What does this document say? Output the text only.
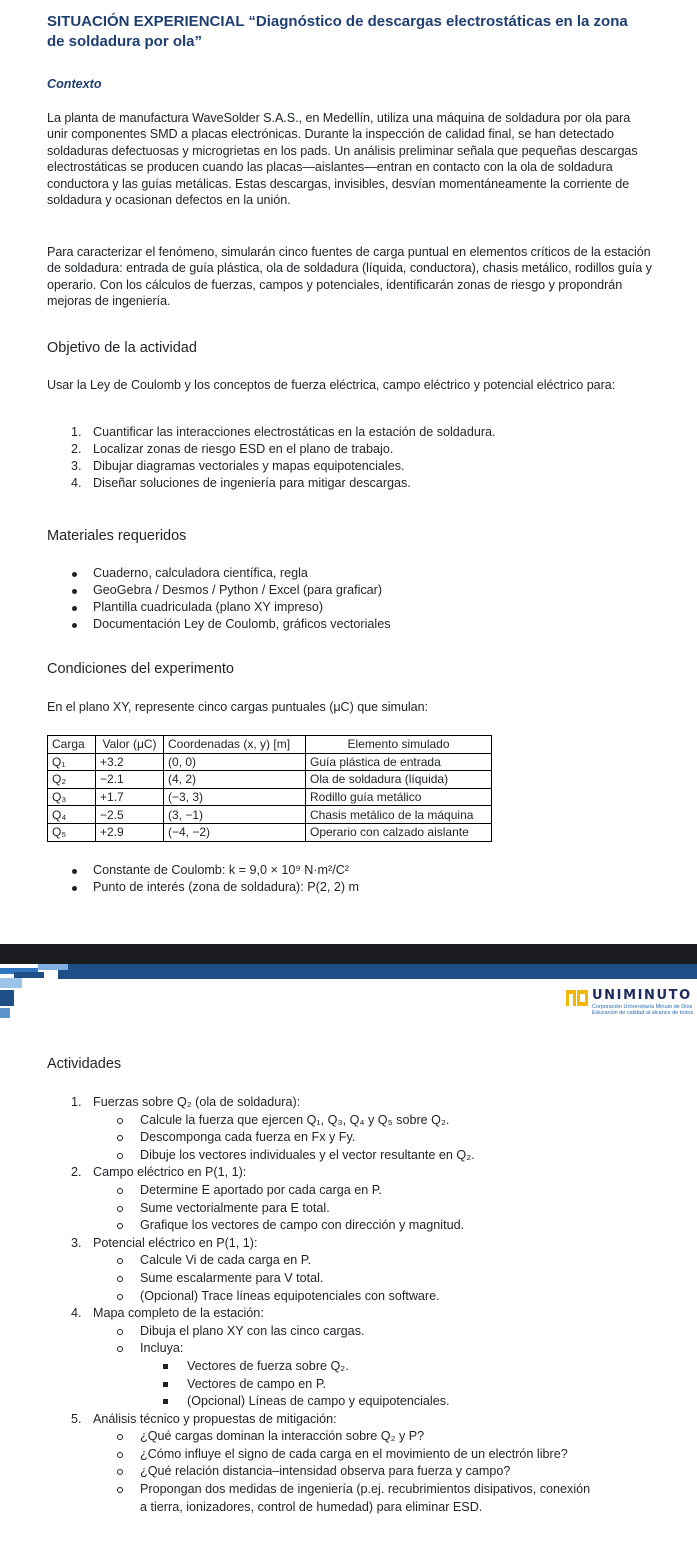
SITUACIÓN EXPERIENCIAL “Diagnóstico de descargas electrostáticas en la zona de soldadura por ola”
Contexto

La planta de manufactura WaveSolder S.A.S., en Medellín, utiliza una máquina de soldadura por ola para unir componentes SMD a placas electrónicas. Durante la inspección de calidad final, se han detectado soldaduras defectuosas y microgrietas en los pads. Un análisis preliminar señala que pequeñas descargas electrostáticas se producen cuando las placas—aislantes—entran en contacto con la ola de soldadura conductora y las guías metálicas. Estas descargas, invisibles, desvían momentáneamente la corriente de soldadura y ocasionan defectos en la unión.

Para caracterizar el fenómeno, simularán cinco fuentes de carga puntual en elementos críticos de la estación de soldadura: entrada de guía plástica, ola de soldadura (líquida, conductora), chasis metálico, rodillos guía y operario. Con los cálculos de fuerzas, campos y potenciales, identificarán zonas de riesgo y propondrán mejoras de ingeniería.

Objetivo de la actividad

Usar la Ley de Coulomb y los conceptos de fuerza eléctrica, campo eléctrico y potencial eléctrico para:

1. Cuantificar las interacciones electrostáticas en la estación de soldadura.
2. Localizar zonas de riesgo ESD en el plano de trabajo.
3. Dibujar diagramas vectoriales y mapas equipotenciales.
4. Diseñar soluciones de ingeniería para mitigar descargas.
Materiales requeridos
Cuaderno, calculadora científica, regla
GeoGebra / Desmos / Python / Excel (para graficar)
Plantilla cuadriculada (plano XY impreso)
Documentación Ley de Coulomb, gráficos vectoriales
Condiciones del experimento

En el plano XY, represente cinco cargas puntuales (μC) que simulan:

Carga	Valor (μC)	Coordenadas (x, y) [m]	Elemento simulado
Q₁	+3.2	(0, 0)	Guía plástica de entrada
Q₂	−2.1	(4, 2)	Ola de soldadura (líquida)
Q₃	+1.7	(−3, 3)	Rodillo guía metálico
Q₄	−2.5	(3, −1)	Chasis metálico de la máquina
Q₅	+2.9	(−4, −2)	Operario con calzado aislante
Constante de Coulomb: k = 9,0 × 10⁹ N·m²/C²
Punto de interés (zona de soldadura): P(2, 2) m
UNIMINUTO
Corporación Universitaria Minuto de Dios
Educación de calidad al alcance de todos
Actividades
1. Fuerzas sobre Q₂ (ola de soldadura):
Calcule la fuerza que ejercen Q₁, Q₃, Q₄ y Q₅ sobre Q₂.
Descomponga cada fuerza en Fx y Fy.
Dibuje los vectores individuales y el vector resultante en Q₂.
2. Campo eléctrico en P(1, 1):
Determine E aportado por cada carga en P.
Sume vectorialmente para E total.
Grafique los vectores de campo con dirección y magnitud.
3. Potencial eléctrico en P(1, 1):
Calcule Vi de cada carga en P.
Sume escalarmente para V total.
(Opcional) Trace líneas equipotenciales con software.
4. Mapa completo de la estación:
Dibuja el plano XY con las cinco cargas.
Incluya:
Vectores de fuerza sobre Q₂.
Vectores de campo en P.
(Opcional) Líneas de campo y equipotenciales.
5. Análisis técnico y propuestas de mitigación:
¿Qué cargas dominan la interacción sobre Q₂ y P?
¿Cómo influye el signo de cada carga en el movimiento de un electrón libre?
¿Qué relación distancia–intensidad observa para fuerza y campo?
Propongan dos medidas de ingeniería (p.ej. recubrimientos disipativos, conexión
a tierra, ionizadores, control de humedad) para eliminar ESD.
